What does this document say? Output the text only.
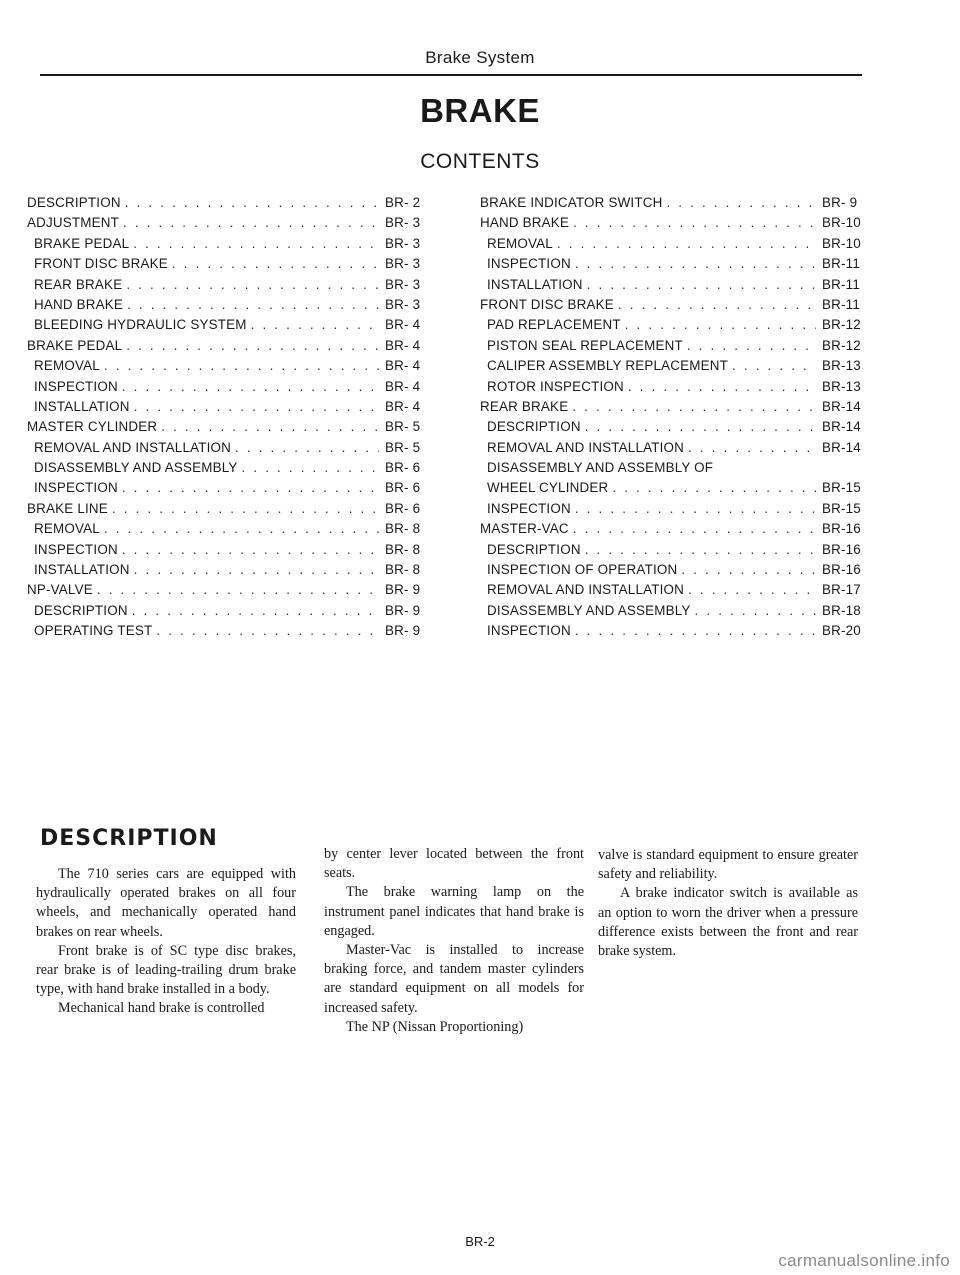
Brake System
BRAKE
CONTENTS
DESCRIPTION . . .	BR- 2
ADJUSTMENT . . .	BR- 3
BRAKE PEDAL . . .	BR- 3
FRONT DISC BRAKE . . .	BR- 3
REAR BRAKE . . .	BR- 3
HAND BRAKE . . .	BR- 3
BLEEDING HYDRAULIC SYSTEM . . .	BR- 4
BRAKE PEDAL . . .	BR- 4
REMOVAL . . .	BR- 4
INSPECTION . . .	BR- 4
INSTALLATION . . .	BR- 4
MASTER CYLINDER . . .	BR- 5
REMOVAL AND INSTALLATION . . .	BR- 5
DISASSEMBLY AND ASSEMBLY . . .	BR- 6
INSPECTION . . .	BR- 6
BRAKE LINE . . .	BR- 6
REMOVAL . . .	BR- 8
INSPECTION . . .	BR- 8
INSTALLATION . . .	BR- 8
NP-VALVE . . .	BR- 9
DESCRIPTION . . .	BR- 9
OPERATING TEST . . .	BR- 9
BRAKE INDICATOR SWITCH . . .	BR- 9
HAND BRAKE . . .	BR-10
REMOVAL . . .	BR-10
INSPECTION . . .	BR-11
INSTALLATION . . .	BR-11
FRONT DISC BRAKE . . .	BR-11
PAD REPLACEMENT . . .	BR-12
PISTON SEAL REPLACEMENT . . .	BR-12
CALIPER ASSEMBLY REPLACEMENT . . .	BR-13
ROTOR INSPECTION . . .	BR-13
REAR BRAKE . . .	BR-14
DESCRIPTION . . .	BR-14
REMOVAL AND INSTALLATION . . .	BR-14
DISASSEMBLY AND ASSEMBLY OF
WHEEL CYLINDER . . .	BR-15
INSPECTION . . .	BR-15
MASTER-VAC . . .	BR-16
DESCRIPTION . . .	BR-16
INSPECTION OF OPERATION . . .	BR-16
REMOVAL AND INSTALLATION . . .	BR-17
DISASSEMBLY AND ASSEMBLY . . .	BR-18
INSPECTION . . .	BR-20
DESCRIPTION

The 710 series cars are equipped with hydraulically operated brakes on all four wheels, and mechanically operated hand brakes on rear wheels.

Front brake is of SC type disc brakes, rear brake is of leading-trailing drum brake type, with hand brake installed in a body.

Mechanical hand brake is controlled

by center lever located between the front seats.

The brake warning lamp on the instrument panel indicates that hand brake is engaged.

Master-Vac is installed to increase braking force, and tandem master cylinders are standard equipment on all models for increased safety.

The NP (Nissan Proportioning)

valve is standard equipment to ensure greater safety and reliability.

A brake indicator switch is available as an option to worn the driver when a pressure difference exists between the front and rear brake system.

BR-2
carmanualsonline.info
